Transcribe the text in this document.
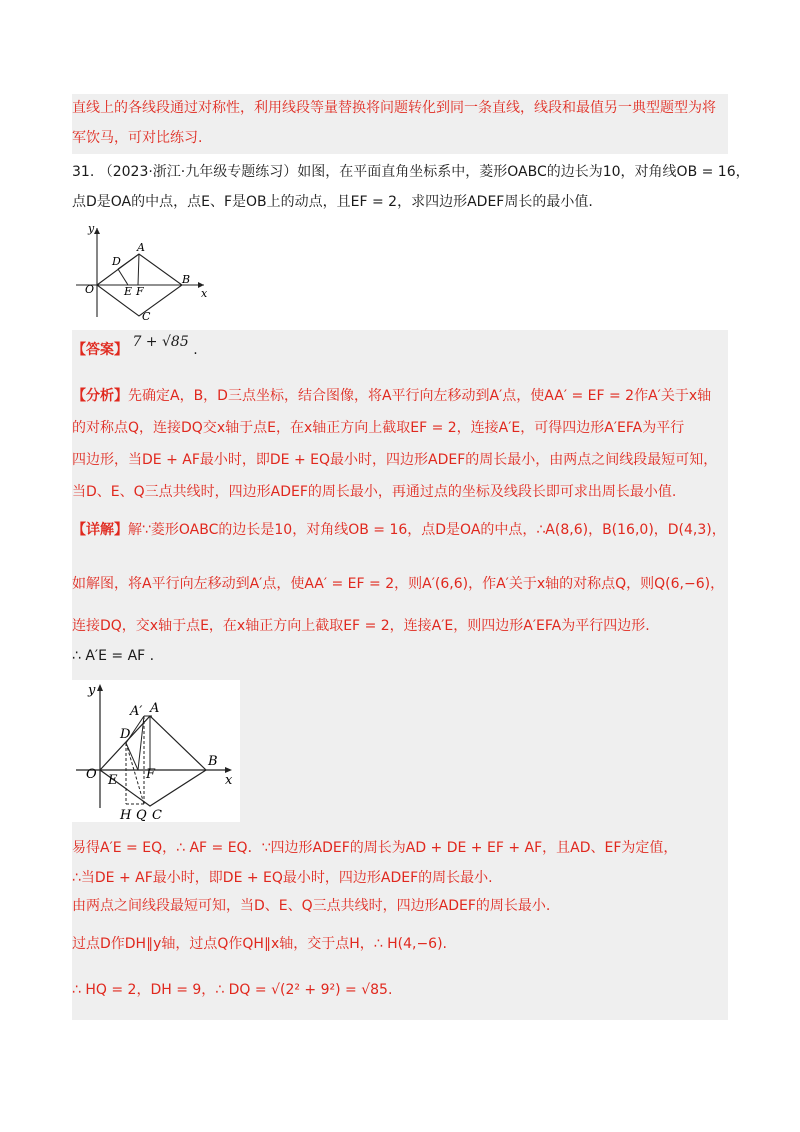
直线上的各线段通过对称性，利用线段等量替换将问题转化到同一条直线，线段和最值另一典型题型为将
军饮马，可对比练习.
31. （2023·浙江·九年级专题练习）如图，在平面直角坐标系中，菱形OABC的边长为10，对角线OB = 16，
点D是OA的中点，点E、F是OB上的动点，且EF = 2，求四边形ADEF周长的最小值.
y
A
D
O	E F
B
x
C
【答案】 7 + √85 .
【分析】先确定A，B，D三点坐标，结合图像，将A平行向左移动到A′点，使AA′ = EF = 2作A′关于x轴
的对称点Q，连接DQ交x轴于点E，在x轴正方向上截取EF = 2，连接A′E，可得四边形A′EFA为平行
四边形，当DE + AF最小时，即DE + EQ最小时，四边形ADEF的周长最小，由两点之间线段最短可知，
当D、E、Q三点共线时，四边形ADEF的周长最小，再通过点的坐标及线段长即可求出周长最小值.
【详解】解∵菱形OABC的边长是10，对角线OB = 16，点D是OA的中点，∴A(8,6)，B(16,0)，D(4,3)，
如解图，将A平行向左移动到A′点，使AA′ = EF = 2，则A′(6,6)，作A′关于x轴的对称点Q，则Q(6,−6)，
连接DQ，交x轴于点E，在x轴正方向上截取EF = 2，连接A′E，则四边形A′EFA为平行四边形.
∴ A′E = AF .
y
A′ A
D
O E F
B
x
H Q C
易得A′E = EQ，∴ AF = EQ．∵四边形ADEF的周长为AD + DE + EF + AF，且AD、EF为定值，
∴当DE + AF最小时，即DE + EQ最小时，四边形ADEF的周长最小.
由两点之间线段最短可知，当D、E、Q三点共线时，四边形ADEF的周长最小.
过点D作DH∥y轴，过点Q作QH∥x轴，交于点H，∴ H(4,−6).
∴ HQ = 2，DH = 9，∴ DQ = √(2² + 9²) = √85.
